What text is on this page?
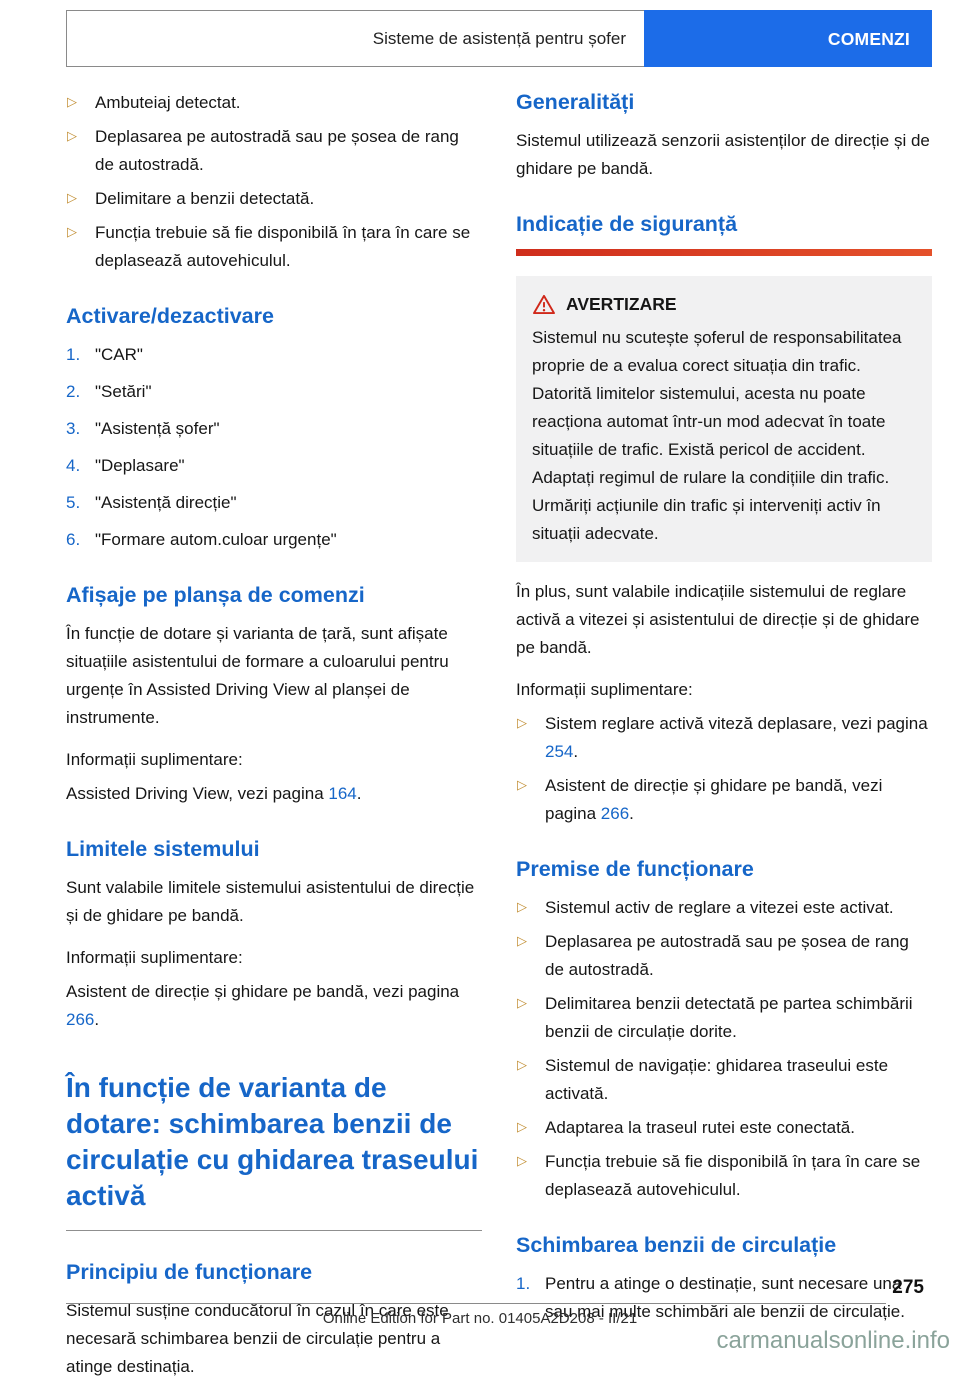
Sisteme de asistență pentru șofer	COMENZI
▷ Ambuteiaj detectat.
▷ Deplasarea pe autostradă sau pe șosea de rang de autostradă.
▷ Delimitare a benzii detectată.
▷ Funcția trebuie să fie disponibilă în țara în care se deplasează autovehiculul.
Activare/dezactivare
1. "CAR"
2. "Setări"
3. "Asistență șofer"
4. "Deplasare"
5. "Asistență direcție"
6. "Formare autom.culoar urgențe"
Afișaje pe planșa de comenzi

În funcție de dotare și varianta de țară, sunt afișate situațiile asistentului de formare a culoarului pentru urgențe în Assisted Driving View al planșei de instrumente.

Informații suplimentare:

Assisted Driving View, vezi pagina 164.

Limitele sistemului

Sunt valabile limitele sistemului asistentului de direcție și de ghidare pe bandă.

Informații suplimentare:

Asistent de direcție și ghidare pe bandă, vezi pagina 266.

În funcție de varianta de dotare: schimbarea benzii de circulație cu ghidarea traseului activă
Principiu de funcționare

Sistemul susține conducătorul în cazul în care este necesară schimbarea benzii de circulație pentru a atinge destinația.

Generalități

Sistemul utilizează senzorii asistenților de direcție și de ghidare pe bandă.

Indicație de siguranță
AVERTIZARE

Sistemul nu scutește șoferul de responsabilitatea proprie de a evalua corect situația din trafic. Datorită limitelor sistemului, acesta nu poate reacționa automat într-un mod adecvat în toate situațiile de trafic. Există pericol de accident. Adaptați regimul de rulare la condițiile din trafic. Urmăriți acțiunile din trafic și interveniți activ în situații adecvate.

În plus, sunt valabile indicațiile sistemului de reglare activă a vitezei și asistentului de direcție și de ghidare pe bandă.

Informații suplimentare:

▷ Sistem reglare activă viteză deplasare, vezi pagina 254.
▷ Asistent de direcție și ghidare pe bandă, vezi pagina 266.
Premise de funcționare
▷ Sistemul activ de reglare a vitezei este activat.
▷ Deplasarea pe autostradă sau pe șosea de rang de autostradă.
▷ Delimitarea benzii detectată pe partea schimbării benzii de circulație dorite.
▷ Sistemul de navigație: ghidarea traseului este activată.
▷ Adaptarea la traseul rutei este conectată.
▷ Funcția trebuie să fie disponibilă în țara în care se deplasează autovehiculul.
Schimbarea benzii de circulație
1. Pentru a atinge o destinație, sunt necesare una sau mai multe schimbări ale benzii de circulație.
275
Online Edition for Part no. 01405A2D208 - II/21
carmanualsonline.info
